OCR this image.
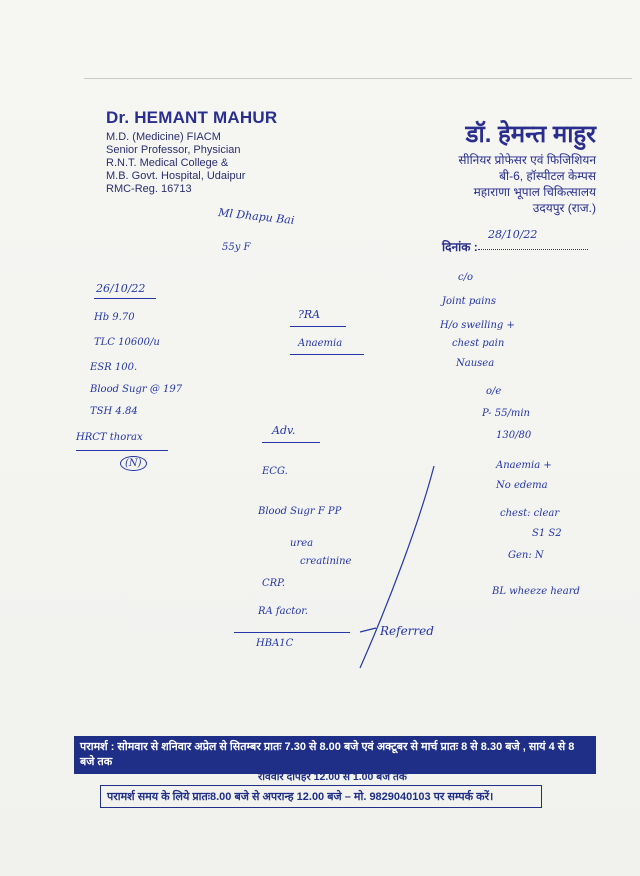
Dr. HEMANT MAHUR
M.D. (Medicine) FIACM
Senior Professor, Physician
R.N.T. Medical College &
M.B. Govt. Hospital, Udaipur
RMC-Reg. 16713
डॉ. हेमन्त माहुर
सीनियर प्रोफेसर एवं फिजिशियन
बी-6, हॉस्पीटल केम्पस
महाराणा भूपाल चिकित्सालय
उदयपुर (राज.)
दिनांक :
Ml Dhapu Bai
55y F
28/10/22
26/10/22
Hb 9.70
TLC 10600/u
ESR 100.
Blood Sugr @ 197
TSH 4.84
HRCT thorax
(N)
?RA
Anaemia
Adv.
ECG.
Blood Sugr F PP
urea
creatinine
CRP.
RA factor.
HBA1C
c/o
Joint pains
H/o swelling +
chest pain
Nausea
o/e
P- 55/min
130/80
Anaemia +
No edema
chest: clear
S1 S2
Gen: N
BL wheeze heard
Referred
परामर्श : सोमवार से शनिवार अप्रेल से सितम्बर प्रातः 7.30 से 8.00 बजे एवं अक्टूबर से मार्च प्रातः 8 से 8.30 बजे , सायं 4 से 8 बजे तक
रविवार दोपहर 12.00 से 1.00 बजे तक
परामर्श समय के लिये प्रातः8.00 बजे से अपरान्ह 12.00 बजे – मो. 9829040103 पर सम्पर्क करें।
